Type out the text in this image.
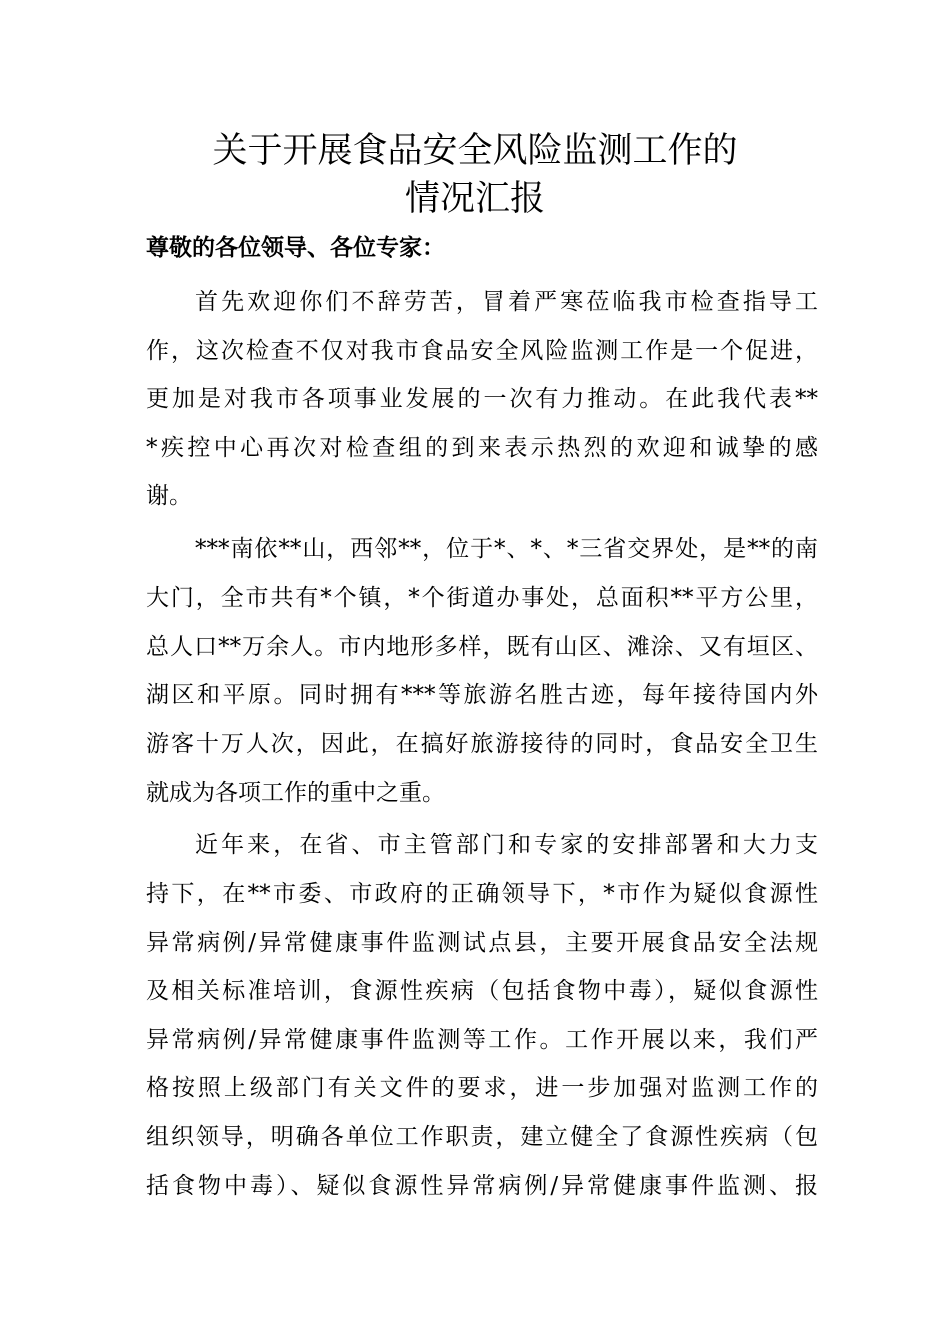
关于开展食品安全风险监测工作的
情况汇报

尊敬的各位领导、各位专家：

首先欢迎你们不辞劳苦，冒着严寒莅临我市检查指导工

作，这次检查不仅对我市食品安全风险监测工作是一个促进，

更加是对我市各项事业发展的一次有力推动。在此我代表**

*疾控中心再次对检查组的到来表示热烈的欢迎和诚挚的感

谢。

***南依**山，西邻**，位于*、*、*三省交界处，是**的南

大门，全市共有*个镇，*个街道办事处，总面积**平方公里，

总人口**万余人。市内地形多样，既有山区、滩涂、又有垣区、

湖区和平原。同时拥有***等旅游名胜古迹，每年接待国内外

游客十万人次，因此，在搞好旅游接待的同时，食品安全卫生

就成为各项工作的重中之重。

近年来，在省、市主管部门和专家的安排部署和大力支

持下，在**市委、市政府的正确领导下，*市作为疑似食源性

异常病例/异常健康事件监测试点县，主要开展食品安全法规

及相关标准培训，食源性疾病（包括食物中毒），疑似食源性

异常病例/异常健康事件监测等工作。工作开展以来，我们严

格按照上级部门有关文件的要求，进一步加强对监测工作的

组织领导，明确各单位工作职责，建立健全了食源性疾病（包

括食物中毒）、疑似食源性异常病例/异常健康事件监测、报
